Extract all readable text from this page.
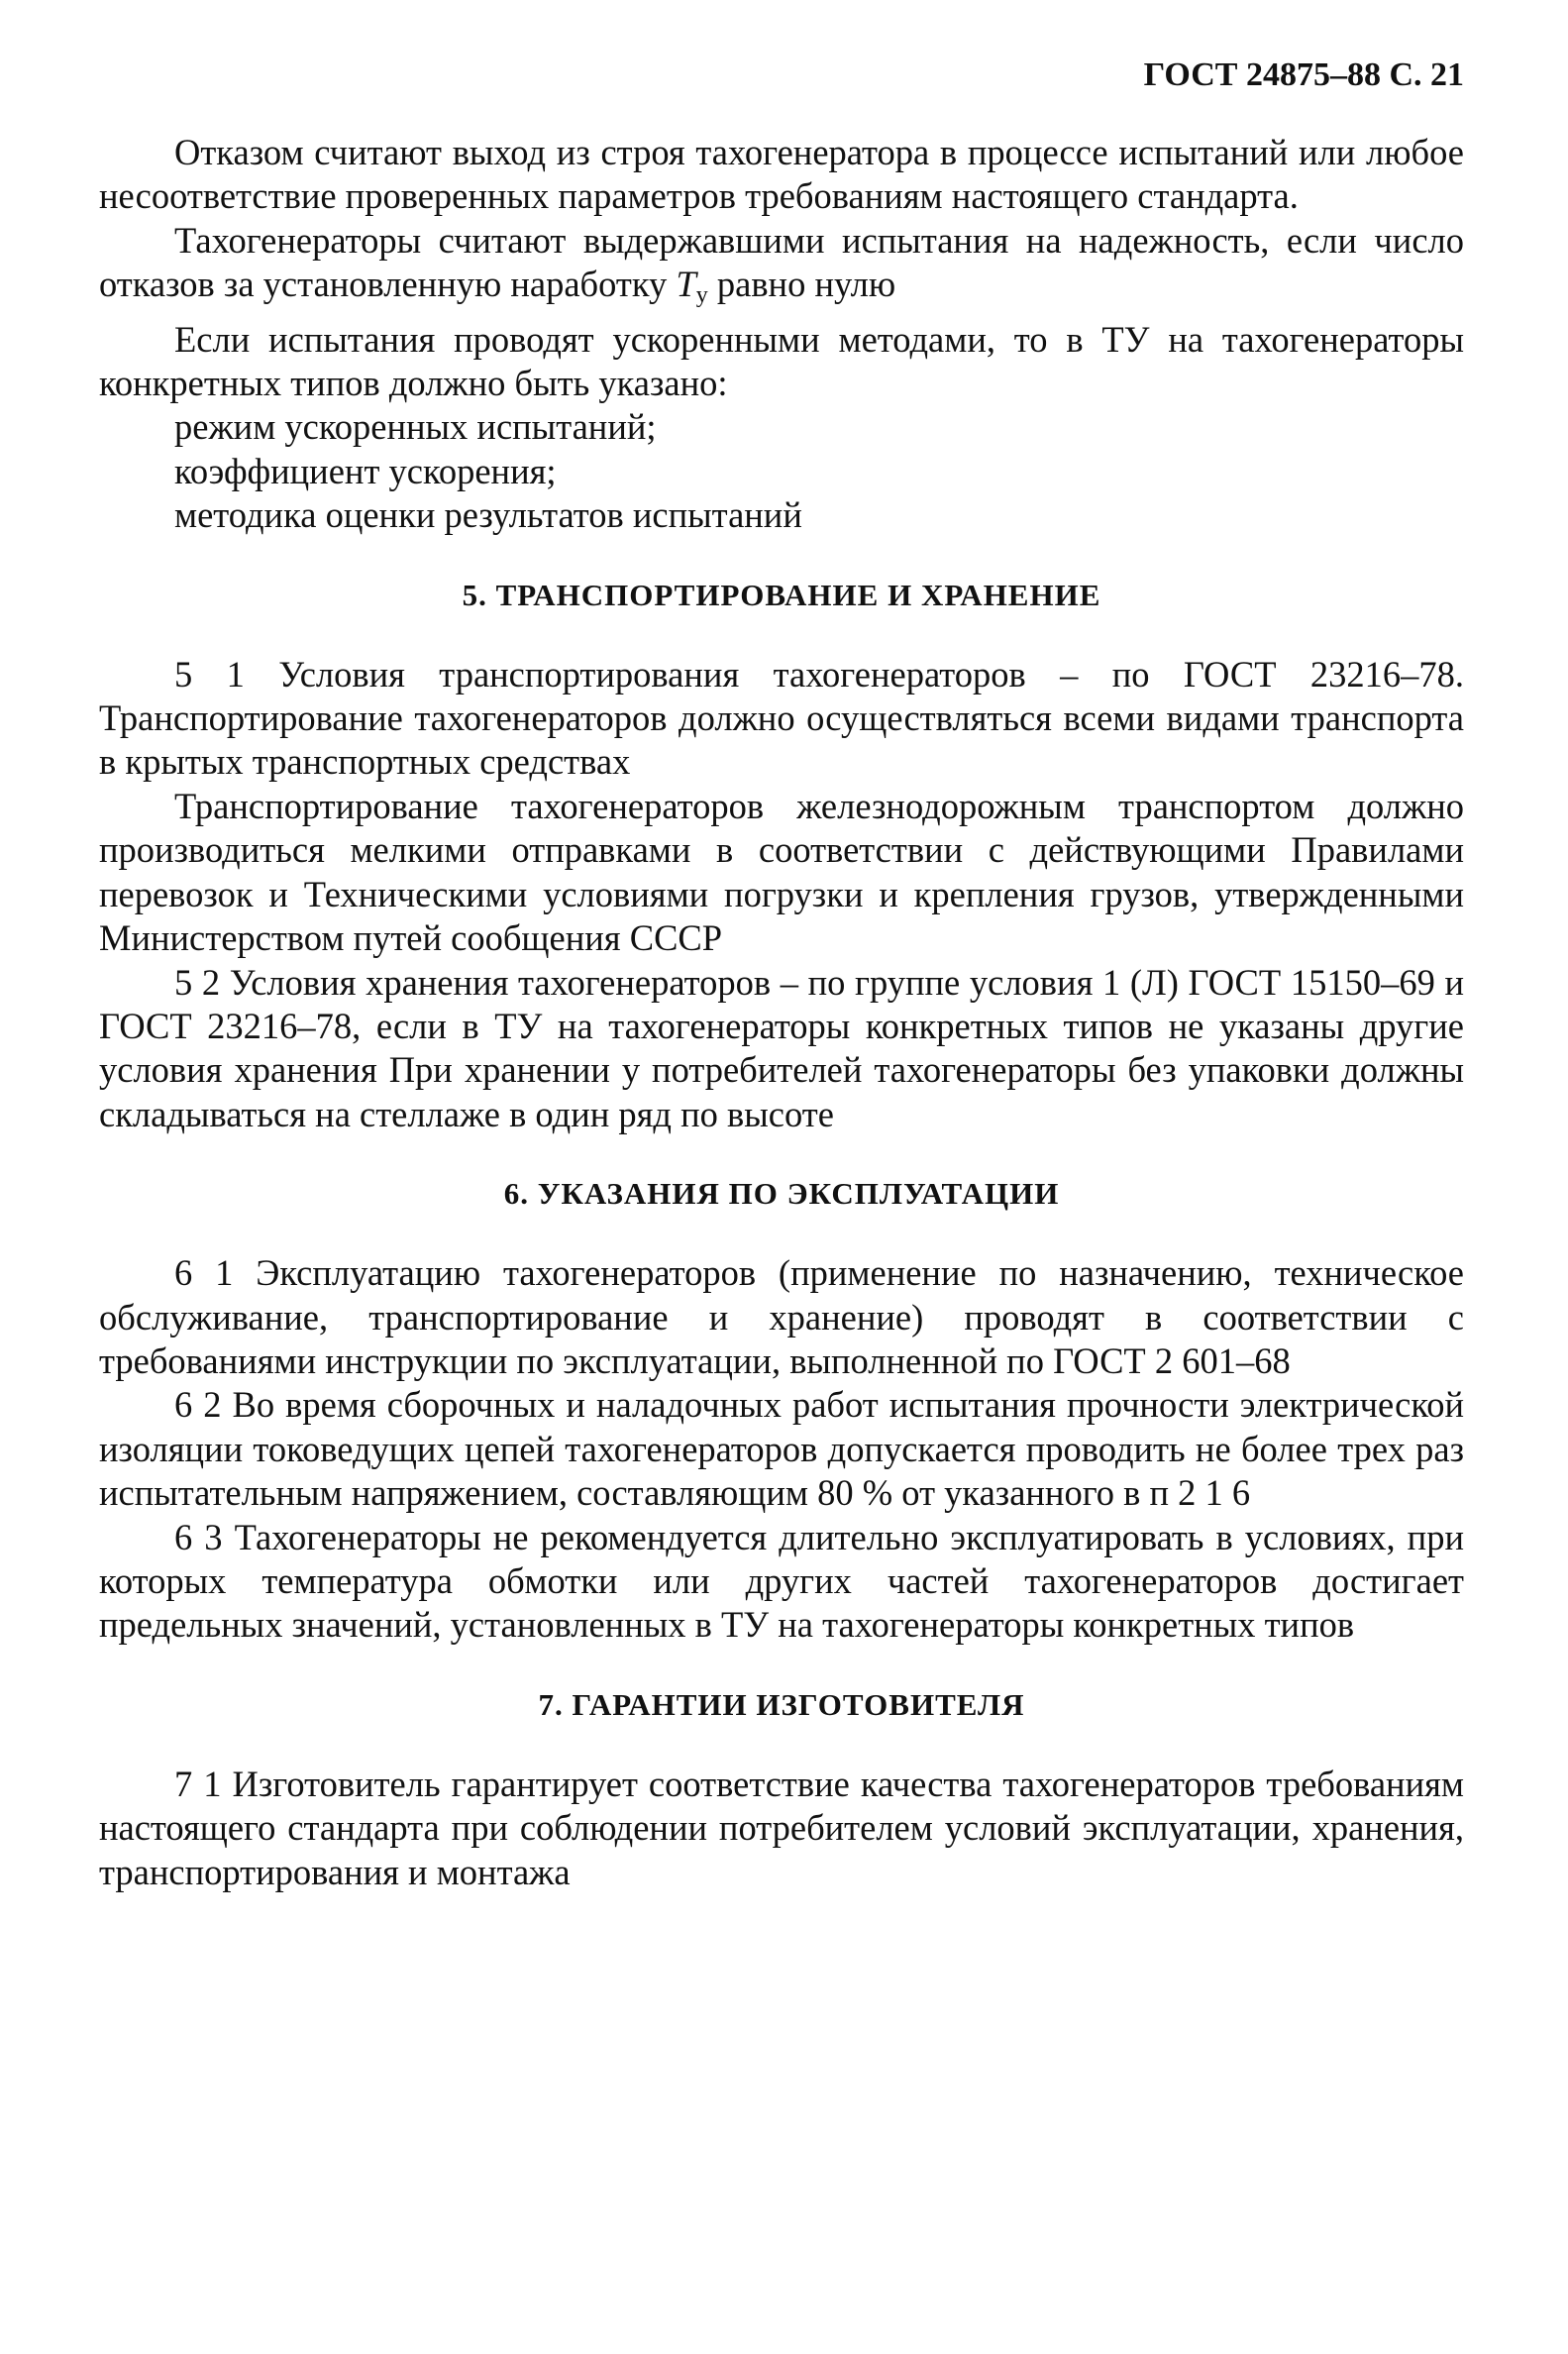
ГОСТ 24875–88 С. 21

Отказом считают выход из строя тахогенератора в процессе испытаний или любое несоответствие проверенных параметров требованиям настоящего стандарта.

Тахогенераторы считают выдержавшими испытания на надежность, если число отказов за установленную наработку $T_у$ равно нулю

Если испытания проводят ускоренными методами, то в ТУ на тахогенераторы конкретных типов должно быть указано:

режим ускоренных испытаний;

коэффициент ускорения;

методика оценки результатов испытаний

5. ТРАНСПОРТИРОВАНИЕ И ХРАНЕНИЕ

5 1 Условия транспортирования тахогенераторов – по ГОСТ 23216–78. Транспортирование тахогенераторов должно осуществляться всеми видами транспорта в крытых транспортных средствах

Транспортирование тахогенераторов железнодорожным транспортом должно производиться мелкими отправками в соответствии с действующими Правилами перевозок и Техническими условиями погрузки и крепления грузов, утвержденными Министерством путей сообщения СССР

5 2 Условия хранения тахогенераторов – по группе условия 1 (Л) ГОСТ 15150–69 и ГОСТ 23216–78, если в ТУ на тахогенераторы конкретных типов не указаны другие условия хранения При хранении у потребителей тахогенераторы без упаковки должны складываться на стеллаже в один ряд по высоте

6. УКАЗАНИЯ ПО ЭКСПЛУАТАЦИИ

6 1 Эксплуатацию тахогенераторов (применение по назначению, техническое обслуживание, транспортирование и хранение) проводят в соответствии с требованиями инструкции по эксплуатации, выполненной по ГОСТ 2 601–68

6 2 Во время сборочных и наладочных работ испытания прочности электрической изоляции токоведущих цепей тахогенераторов допускается проводить не более трех раз испытательным напряжением, составляющим 80 % от указанного в п 2 1 6

6 3 Тахогенераторы не рекомендуется длительно эксплуатировать в условиях, при которых температура обмотки или других частей тахогенераторов достигает предельных значений, установленных в ТУ на тахогенераторы конкретных типов

7. ГАРАНТИИ ИЗГОТОВИТЕЛЯ

7 1 Изготовитель гарантирует соответствие качества тахогенераторов требованиям настоящего стандарта при соблюдении потребителем условий эксплуатации, хранения, транспортирования и монтажа
